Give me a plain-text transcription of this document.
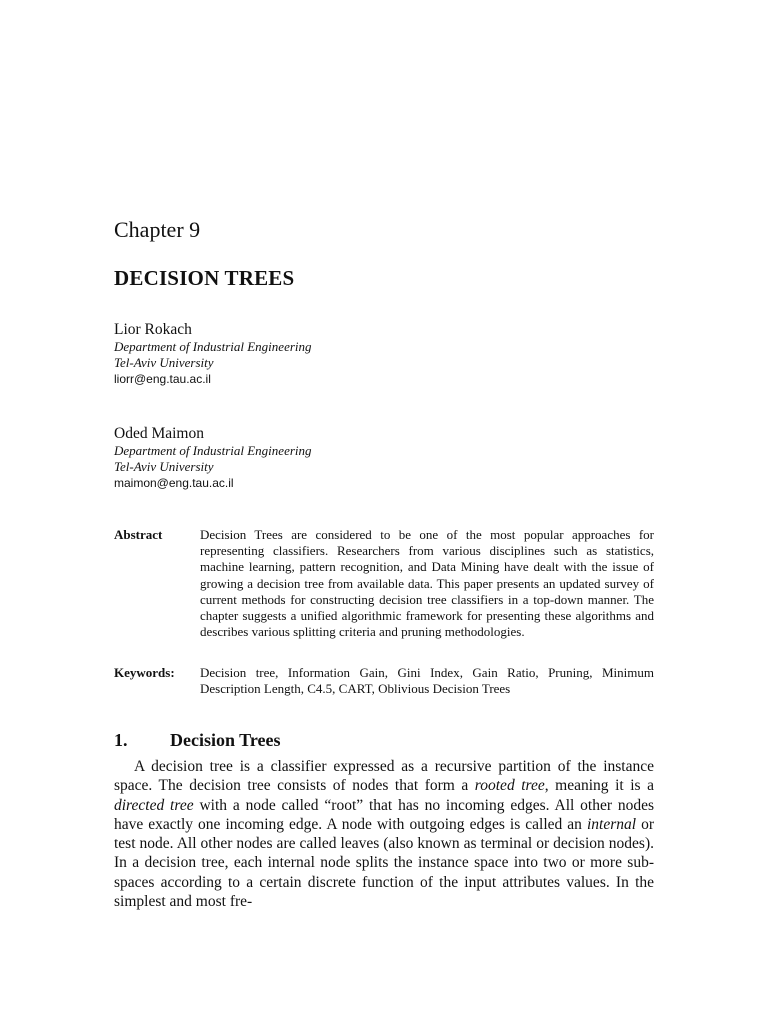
Chapter 9
DECISION TREES
Lior Rokach
Department of Industrial Engineering
Tel-Aviv University
liorr@eng.tau.ac.il
Oded Maimon
Department of Industrial Engineering
Tel-Aviv University
maimon@eng.tau.ac.il
Abstract	Decision Trees are considered to be one of the most popular approaches for representing classifiers. Researchers from various disciplines such as statistics, machine learning, pattern recognition, and Data Mining have dealt with the issue of growing a decision tree from available data. This paper presents an updated survey of current methods for constructing decision tree classifiers in a top-down manner. The chapter suggests a unified algorithmic framework for presenting these algorithms and describes various splitting criteria and pruning methodologies.
Keywords: Decision tree, Information Gain, Gini Index, Gain Ratio, Pruning, Minimum Description Length, C4.5, CART, Oblivious Decision Trees
1. Decision Trees

A decision tree is a classifier expressed as a recursive partition of the instance space. The decision tree consists of nodes that form a rooted tree, meaning it is a directed tree with a node called “root” that has no incoming edges. All other nodes have exactly one incoming edge. A node with outgoing edges is called an internal or test node. All other nodes are called leaves (also known as terminal or decision nodes). In a decision tree, each internal node splits the instance space into two or more sub-spaces according to a certain discrete function of the input attributes values. In the simplest and most fre-
